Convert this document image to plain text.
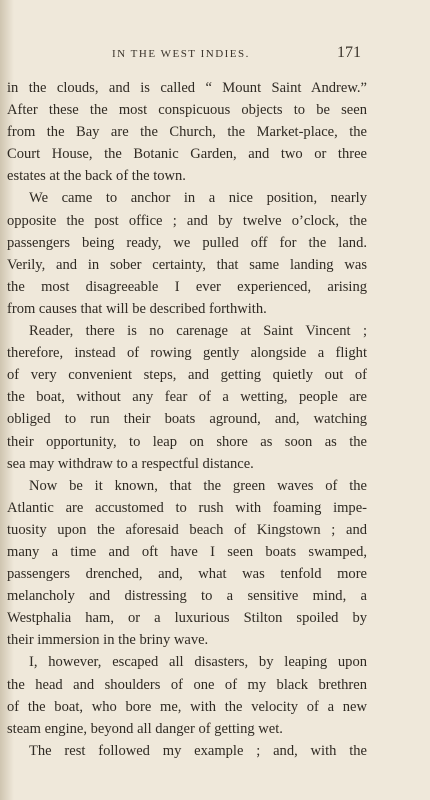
IN THE WEST INDIES.	171
in the clouds, and is called “ Mount Saint Andrew.”
After these the most conspicuous objects to be seen
from the Bay are the Church, the Market-place, the
Court House, the Botanic Garden, and two or three
estates at the back of the town.
We came to anchor in a nice position, nearly
opposite the post office ; and by twelve o’clock, the
passengers being ready, we pulled off for the land.
Verily, and in sober certainty, that same landing was
the most disagreeable I ever experienced, arising
from causes that will be described forthwith.
Reader, there is no carenage at Saint Vincent ;
therefore, instead of rowing gently alongside a flight
of very convenient steps, and getting quietly out of
the boat, without any fear of a wetting, people are
obliged to run their boats aground, and, watching
their opportunity, to leap on shore as soon as the
sea may withdraw to a respectful distance.
Now be it known, that the green waves of the
Atlantic are accustomed to rush with foaming impe-
tuosity upon the aforesaid beach of Kingstown ; and
many a time and oft have I seen boats swamped,
passengers drenched, and, what was tenfold more
melancholy and distressing to a sensitive mind, a
Westphalia ham, or a luxurious Stilton spoiled by
their immersion in the briny wave.
I, however, escaped all disasters, by leaping upon
the head and shoulders of one of my black brethren
of the boat, who bore me, with the velocity of a new
steam engine, beyond all danger of getting wet.
The rest followed my example ; and, with the
